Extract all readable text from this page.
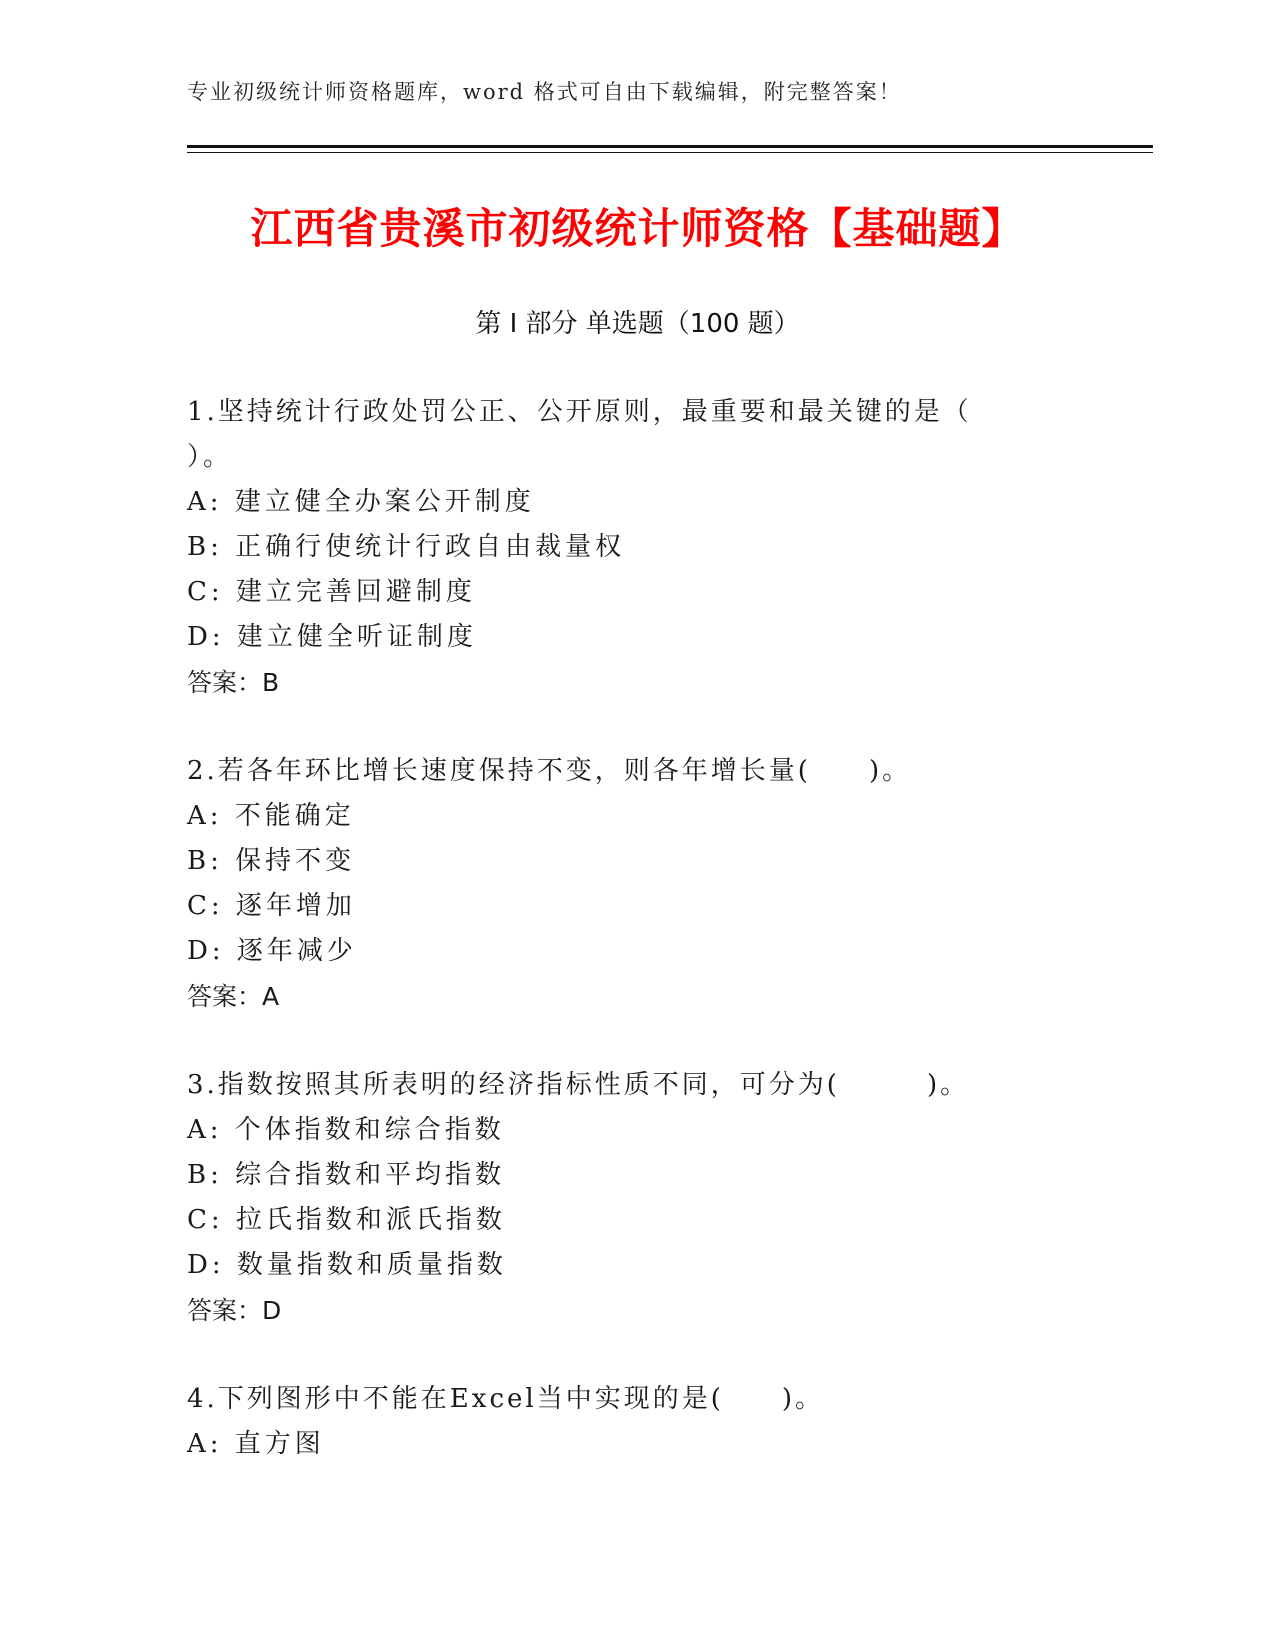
专业初级统计师资格题库，word 格式可自由下载编辑，附完整答案！
江西省贵溪市初级统计师资格【基础题】
第 I 部分 单选题（100 题）

1.坚持统计行政处罚公正、公开原则，最重要和最关键的是（ ）。

A: 建立健全办案公开制度

B: 正确行使统计行政自由裁量权

C: 建立完善回避制度

D: 建立健全听证制度

答案：B

2.若各年环比增长速度保持不变，则各年增长量(　　)。

A: 不能确定

B: 保持不变

C: 逐年增加

D: 逐年减少

答案：A

3.指数按照其所表明的经济指标性质不同，可分为(　　　)。

A: 个体指数和综合指数

B: 综合指数和平均指数

C: 拉氏指数和派氏指数

D: 数量指数和质量指数

答案：D

4.下列图形中不能在Excel当中实现的是(　　)。

A: 直方图
